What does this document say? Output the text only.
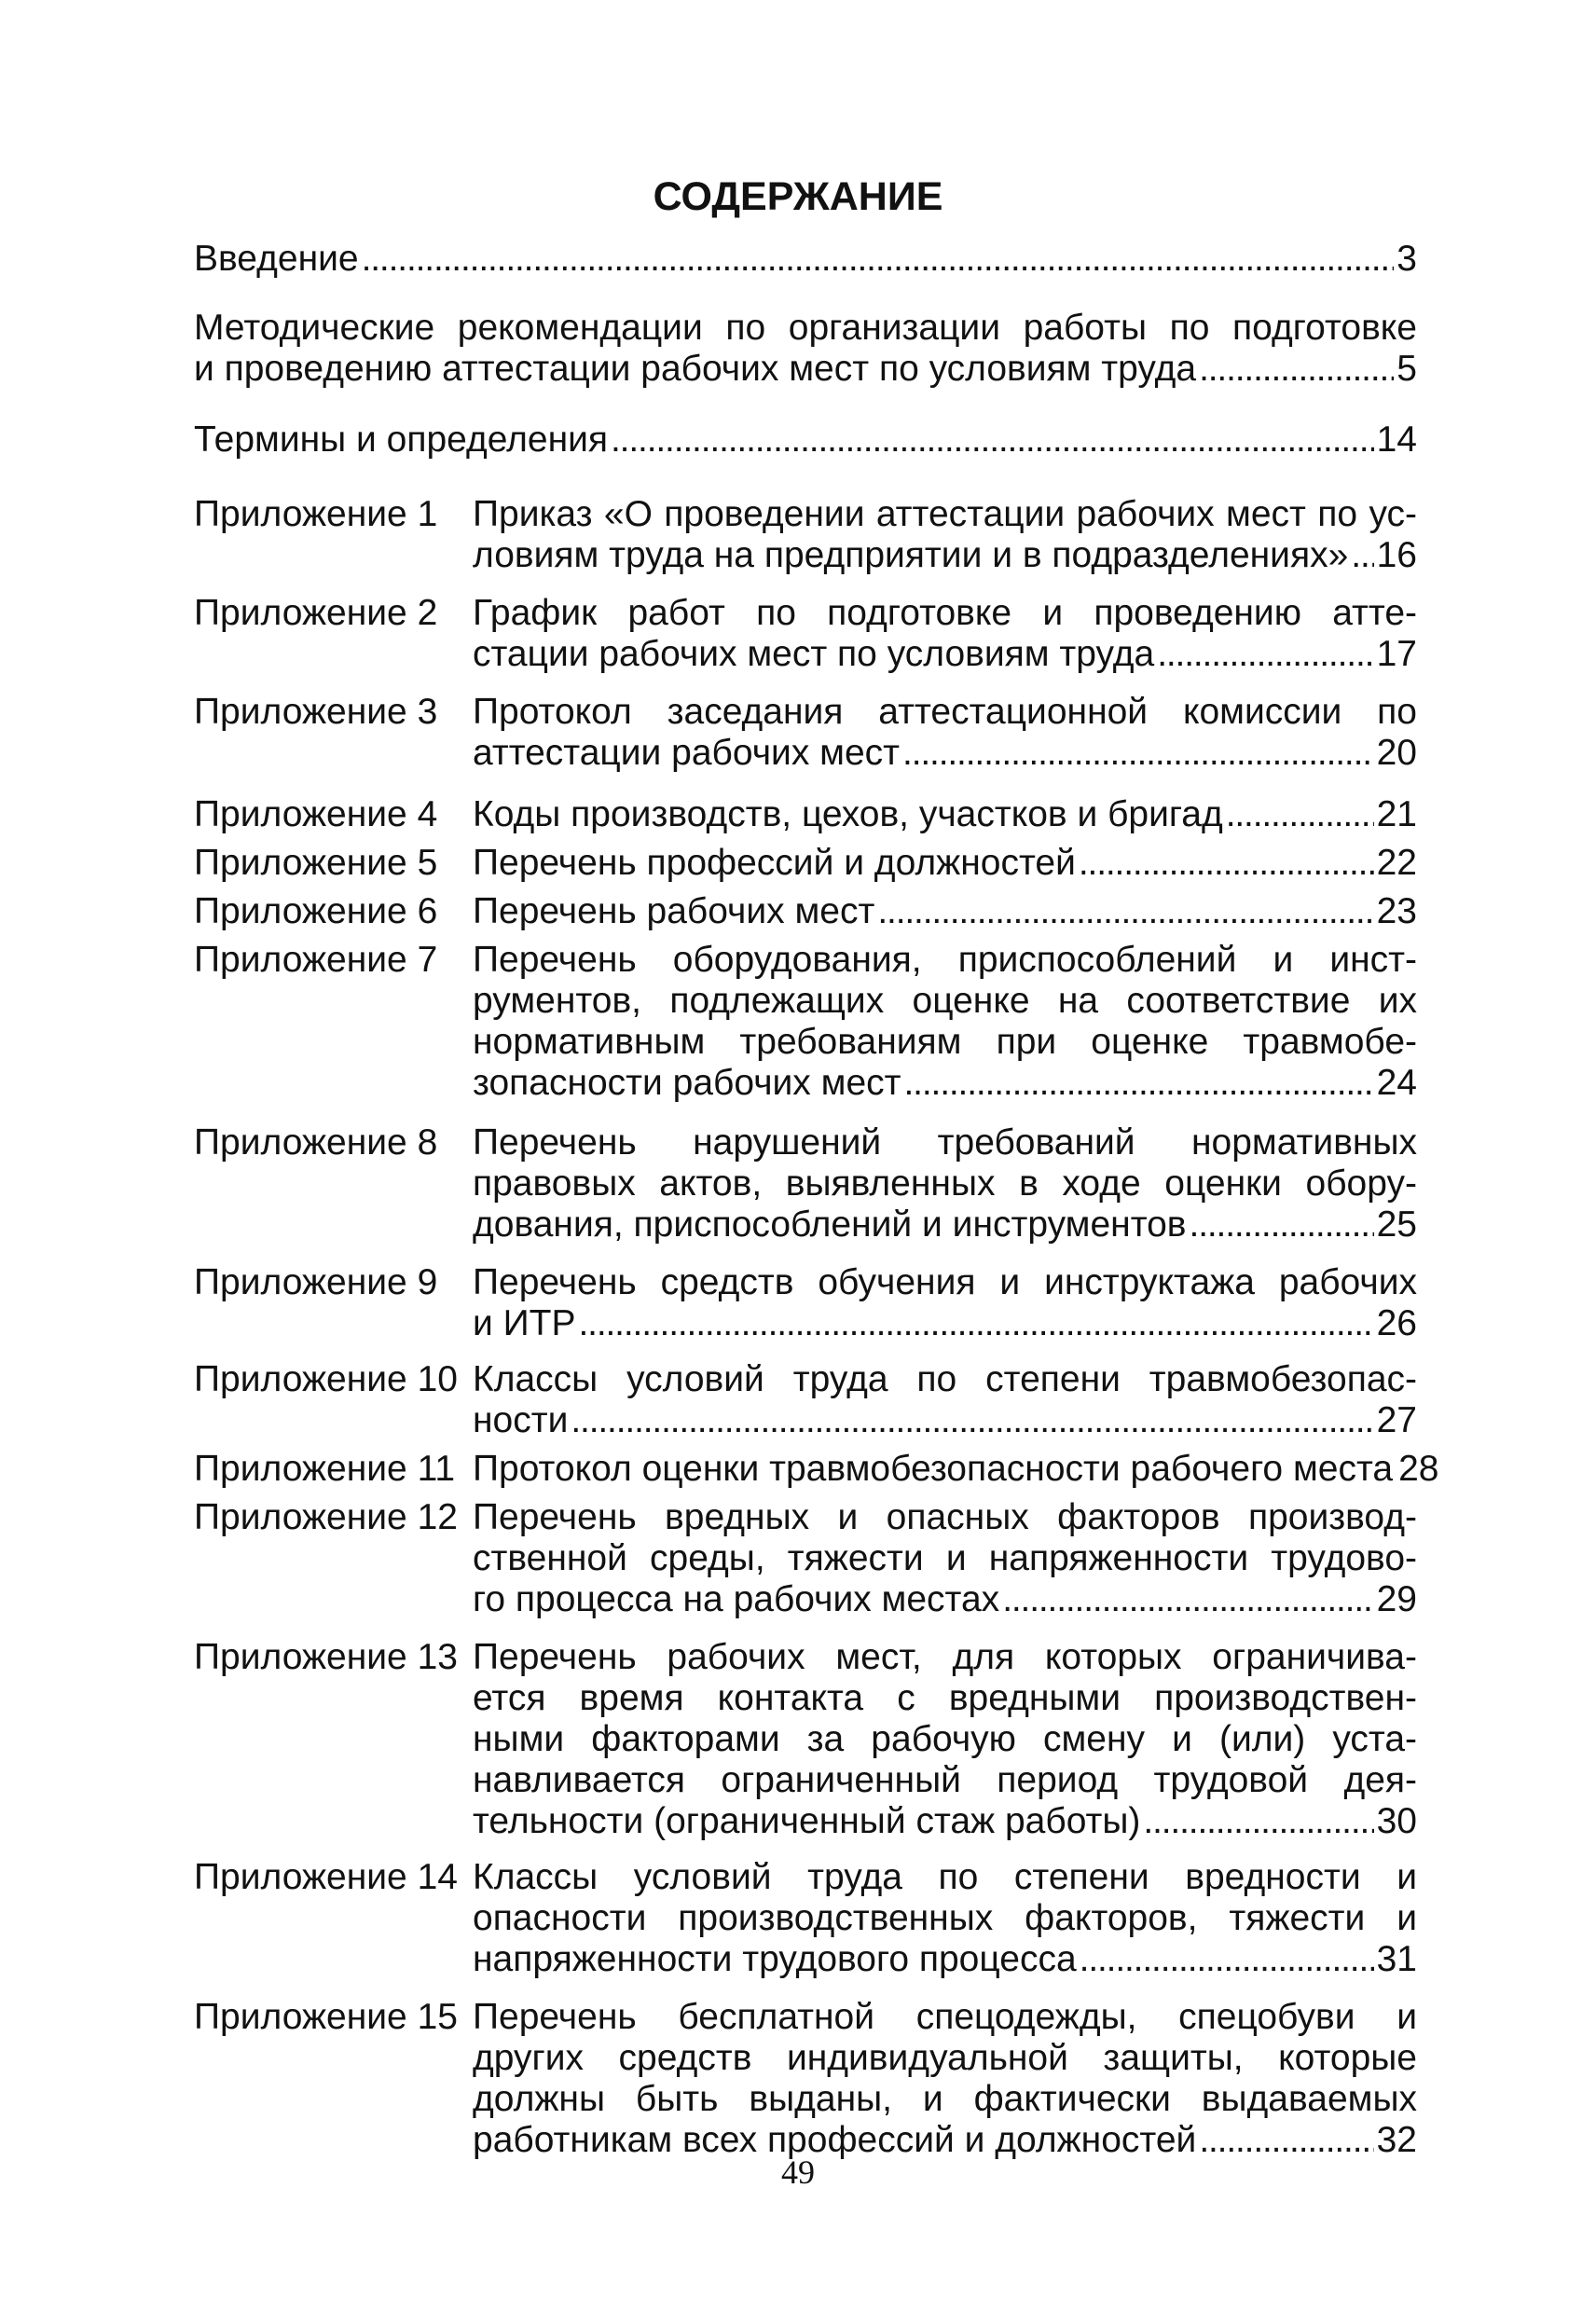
СОДЕРЖАНИЕ
Введение . . .	3
Методические рекомендации по организации работы по подготовке
и проведению аттестации рабочих мест по условиям труда . . .	5
Термины и определения . . .	14
Приложение 1 Приказ «О проведении аттестации рабочих мест по ус-
ловиям труда на предприятии и в подразделениях» . . . 16
Приложение 2 График работ по подготовке и проведению атте-
стации рабочих мест по условиям труда . . .	17
Приложение 3 Протокол заседания аттестационной комиссии по
аттестации рабочих мест . . .	20
Приложение 4 Коды производств, цехов, участков и бригад . . .	21
Приложение 5 Перечень профессий и должностей . . .	22
Приложение 6 Перечень рабочих мест . . .	23
Приложение 7 Перечень оборудования, приспособлений и инст-
рументов, подлежащих оценке на соответствие их
нормативным требованиям при оценке травмобе-
зопасности рабочих мест . . .	24
Приложение 8 Перечень нарушений требований нормативных
правовых актов, выявленных в ходе оценки обору-
дования, приспособлений и инструментов . . .	25
Приложение 9 Перечень средств обучения и инструктажа рабочих
и ИТР . . .	26
Приложение 10 Классы условий труда по степени травмобезопас-
ности . . .	27
Приложение 11 Протокол оценки травмобезопасности рабочего места 28
Приложение 12 Перечень вредных и опасных факторов производ-
ственной среды, тяжести и напряженности трудово-
го процесса на рабочих местах . . .	29
Приложение 13 Перечень рабочих мест, для которых ограничива-
ется время контакта с вредными производствен-
ными факторами за рабочую смену и (или) уста-
навливается ограниченный период трудовой дея-
тельности (ограниченный стаж работы) . . .	30
Приложение 14 Классы условий труда по степени вредности и
опасности производственных факторов, тяжести и
напряженности трудового процесса . . .	31
Приложение 15 Перечень бесплатной спецодежды, спецобуви и
других средств индивидуальной защиты, которые
должны быть выданы, и фактически выдаваемых
работникам всех профессий и должностей . . .	32
49
